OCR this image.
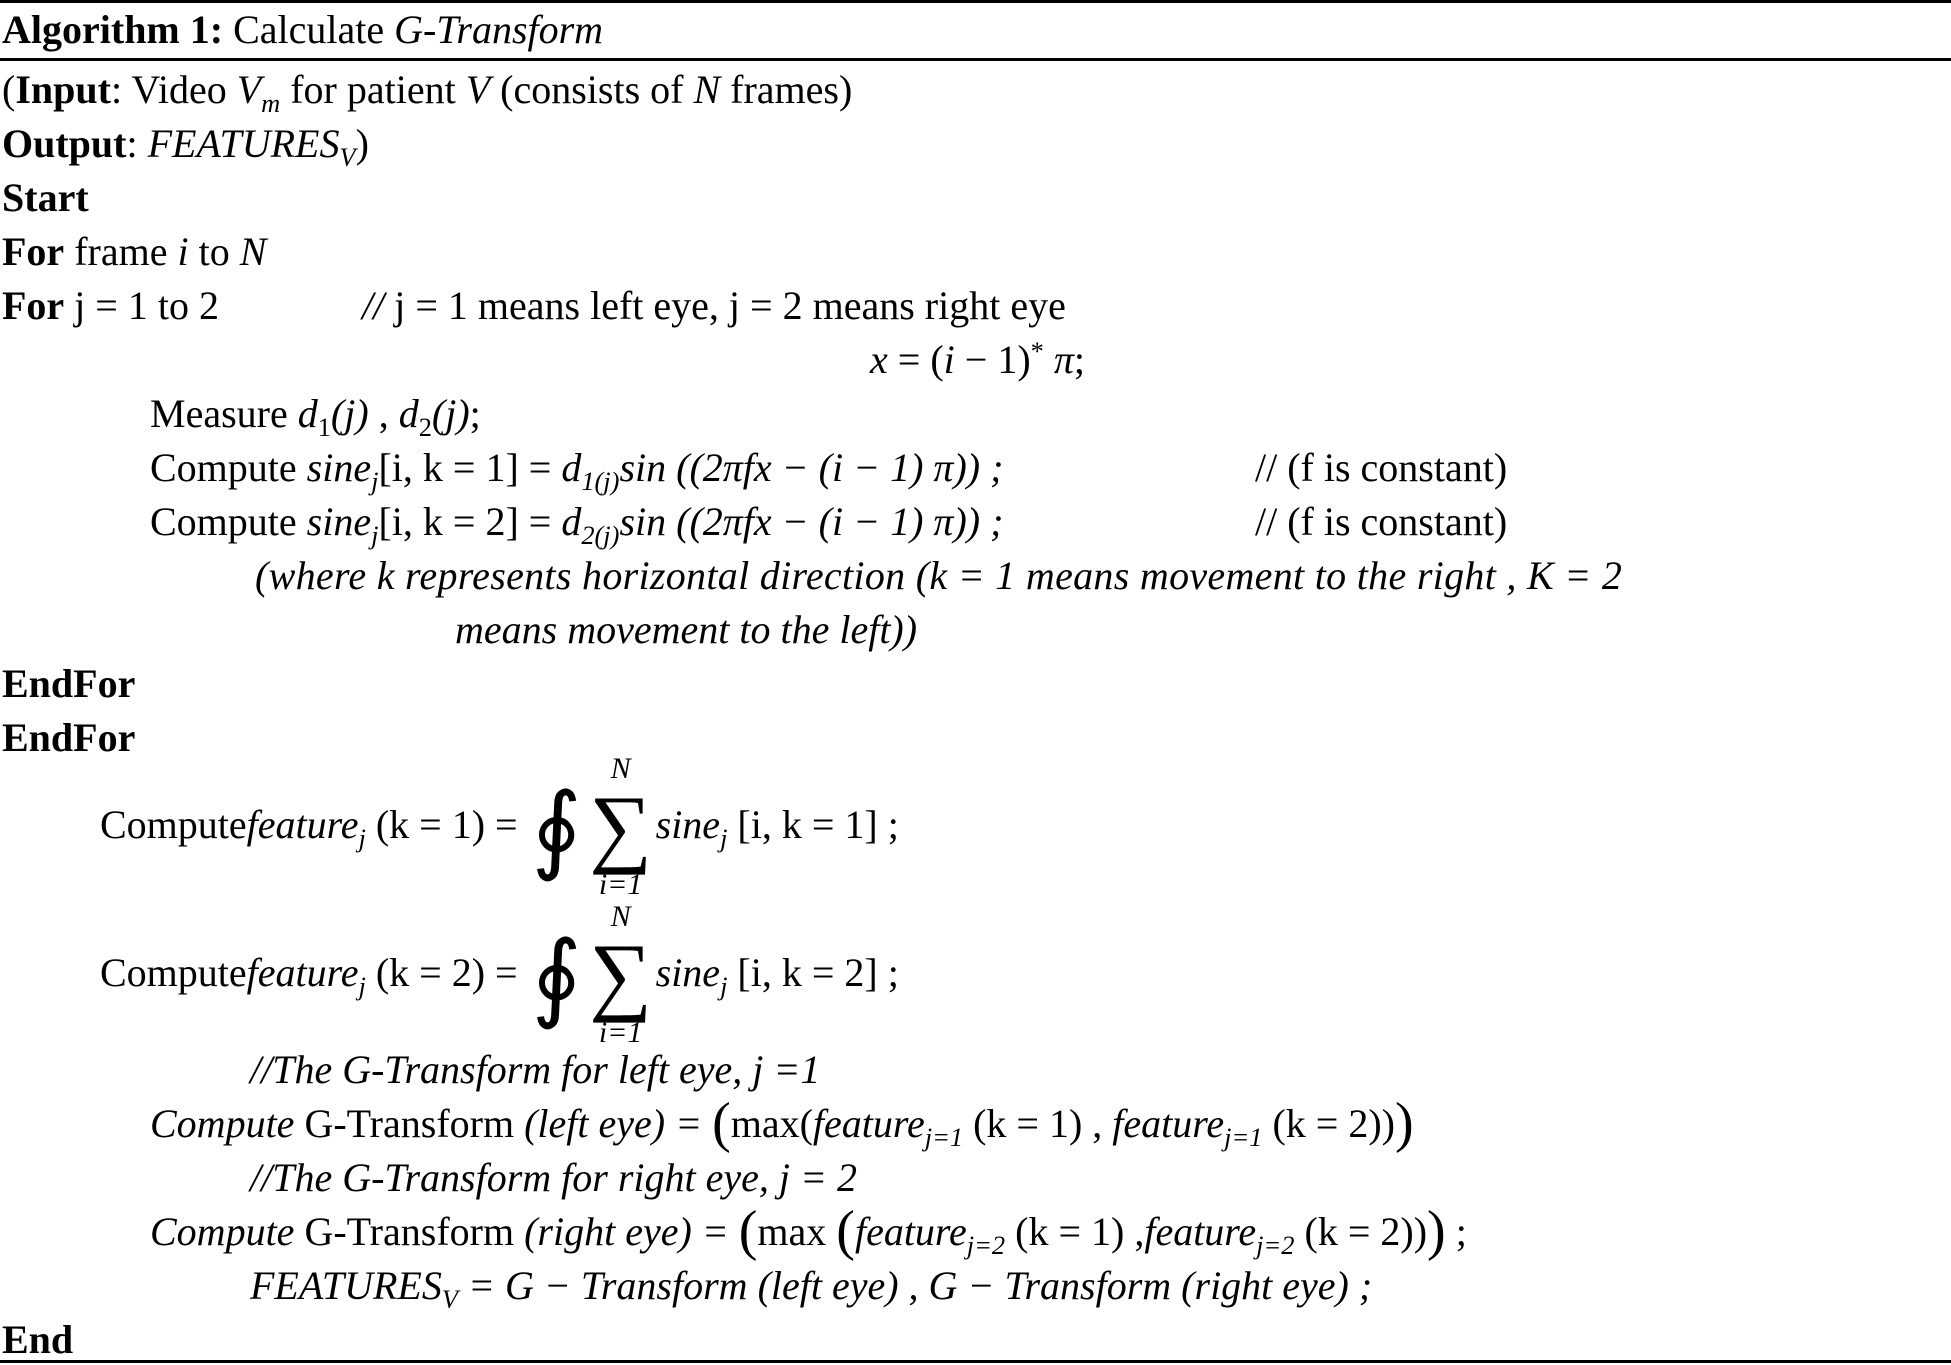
Algorithm 1: Calculate G-Transform
(Input: Video $V_m$ for patient V (consists of N frames)
Output: $FEATURES_V$)
Start
For frame i to N
For j = 1 to 2	// j = 1 means left eye, j = 2 means right eye
x = (i − 1)* π;
Measure $d_1(j)$ , $d_2(j)$;
Compute sine$_j$[i, $k = 1] = d_{1(j)}\sin$ ((2πfx − (i − 1) π)) ;	// (f is constant)
Compute sine$_j$[i, $k = 2] = d_{2(j)}\sin$ ((2πfx − (i − 1) π)) ;	// (f is constant)
(where k represents horizontal direction (k = 1 means movement to the right , K = 2
means movement to the left))
EndFor
EndFor
Computefeature$_j$ (k = 1) = ∮
N
∑
i=1
sine$_j$ [i, k = 1] ;
Computefeature$_j$ (k = 2) = ∮
N
∑
i=1
sine$_j$ [i, k = 2] ;
//The G-Transform for left eye, j =1
Compute G-Transform (left eye) = (max(feature$_{j=1}$ (k = 1) , feature$_{j=1}$ (k = 2)))
//The G-Transform for right eye, j = 2
Compute G-Transform (right eye) = (max (feature$_{j=2}$ (k = 1) ,feature$_{j=2}$ (k = 2))) ;
$FEATURES_V = G$ − Transform (left eye) , G − Transform (right eye) ;
End
